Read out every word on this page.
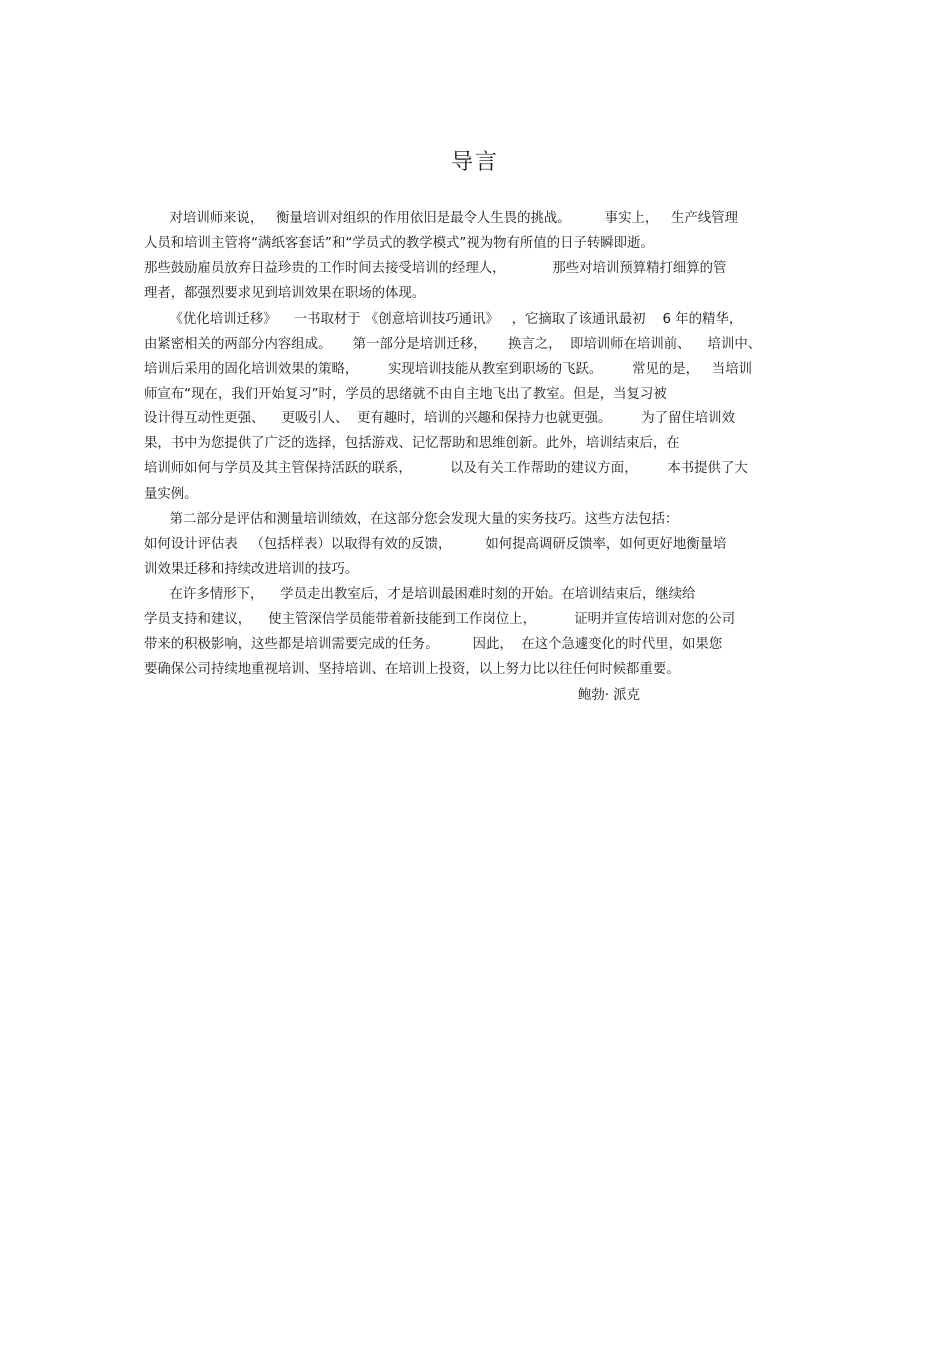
导言
对培训师来说，   衡量培训对组织的作用依旧是最令人生畏的挑战。        事实上，   生产线管理
人员和培训主管将“满纸客套话”和“学员式的教学模式”视为物有所值的日子转瞬即逝。
那些鼓励雇员放弃日益珍贵的工作时间去接受培训的经理人，           那些对培训预算精打细算的管
理者，都强烈要求见到培训效果在职场的体现。
《优化培训迁移》    一书取材于 《创意培训技巧通讯》   ，它摘取了该通讯最初    6 年的精华，
由紧密相关的两部分内容组成。     第一部分是培训迁移，     换言之，  即培训师在培训前、    培训中、
培训后采用的固化培训效果的策略，       实现培训技能从教室到职场的飞跃。       常见的是，   当培训
师宣布“现在，我们开始复习”时，学员的思绪就不由自主地飞出了教室。但是，当复习被
设计得互动性更强、    更吸引人、  更有趣时，培训的兴趣和保持力也就更强。       为了留住培训效
果，书中为您提供了广泛的选择，包括游戏、记忆帮助和思维创新。此外，培训结束后，在
培训师如何与学员及其主管保持活跃的联系，         以及有关工作帮助的建议方面，       本书提供了大
量实例。
第二部分是评估和测量培训绩效，在这部分您会发现大量的实务技巧。这些方法包括：
如何设计评估表   （包括样表）以取得有效的反馈，        如何提高调研反馈率，如何更好地衡量培
训效果迁移和持续改进培训的技巧。
在许多情形下，    学员走出教室后，才是培训最困难时刻的开始。在培训结束后，继续给
学员支持和建议，    使主管深信学员能带着新技能到工作岗位上，         证明并宣传培训对您的公司
带来的积极影响，这些都是培训需要完成的任务。        因此，  在这个急遽变化的时代里，如果您
要确保公司持续地重视培训、坚持培训、在培训上投资，以上努力比以往任何时候都重要。
鲍勃· 派克
